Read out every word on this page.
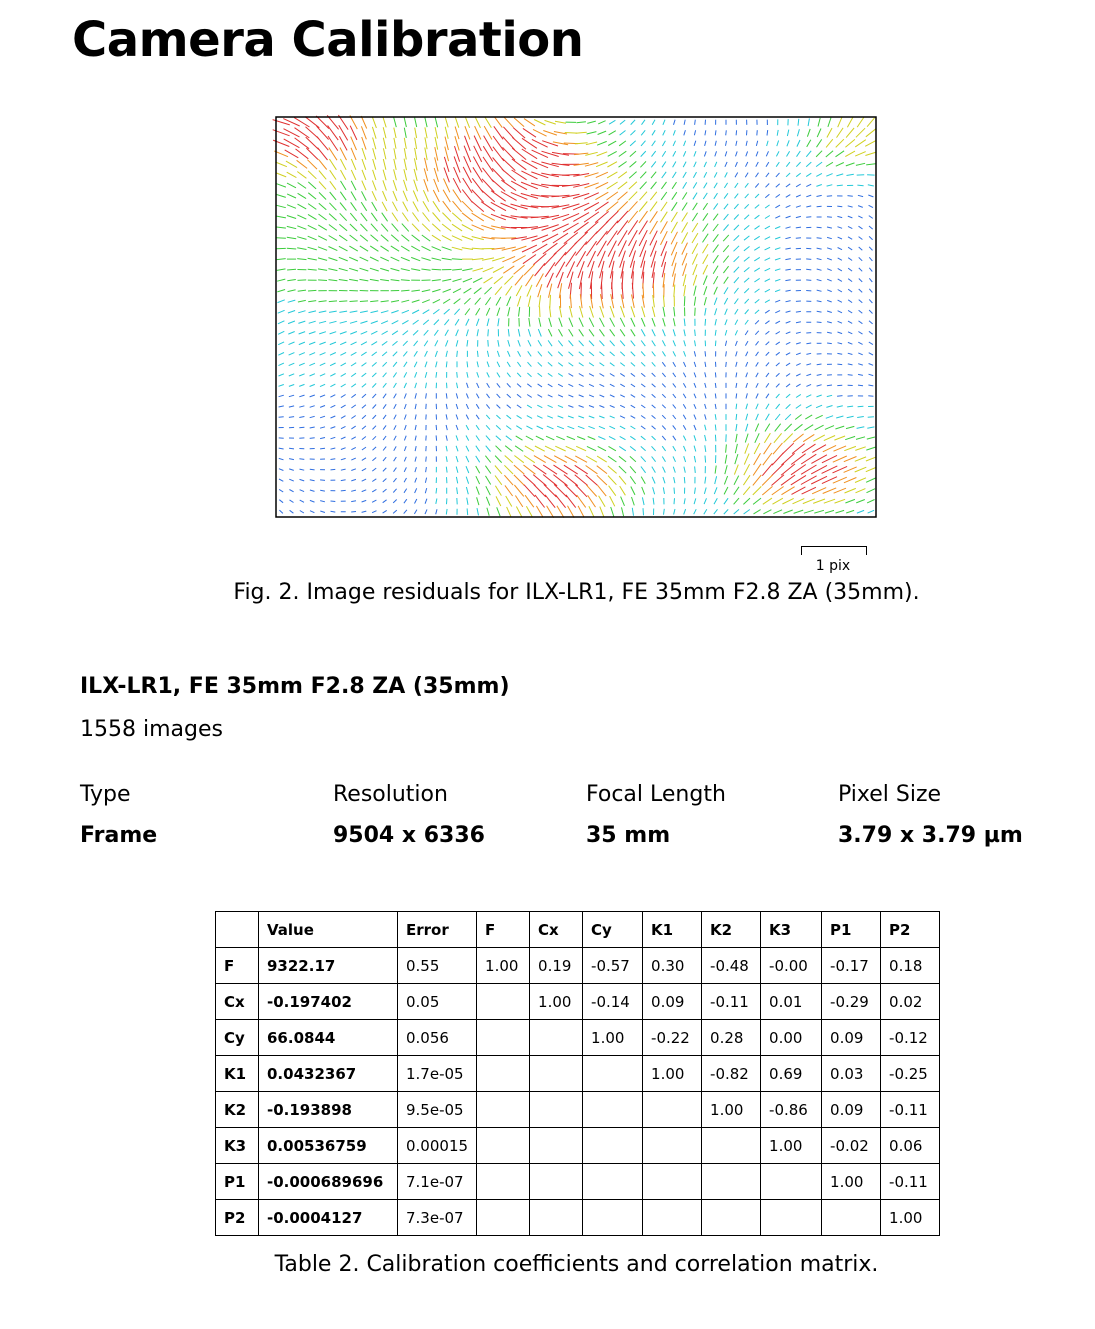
Camera Calibration
1 pix
Fig. 2. Image residuals for ILX-LR1, FE 35mm F2.8 ZA (35mm).
ILX-LR1, FE 35mm F2.8 ZA (35mm)
1558 images
Type
Frame
Resolution
9504 x 6336
Focal Length
35 mm
Pixel Size
3.79 x 3.79 µm
	Value	Error	F	Cx	Cy	K1	K2	K3	P1	P2
F	9322.17	0.55	1.00	0.19	-0.57	0.30	-0.48	-0.00	-0.17	0.18
Cx	-0.197402	0.05		1.00	-0.14	0.09	-0.11	0.01	-0.29	0.02
Cy	66.0844	0.056			1.00	-0.22	0.28	0.00	0.09	-0.12
K1	0.0432367	1.7e-05				1.00	-0.82	0.69	0.03	-0.25
K2	-0.193898	9.5e-05					1.00	-0.86	0.09	-0.11
K3	0.00536759	0.00015						1.00	-0.02	0.06
P1	-0.000689696	7.1e-07							1.00	-0.11
P2	-0.0004127	7.3e-07								1.00
Table 2. Calibration coefficients and correlation matrix.
